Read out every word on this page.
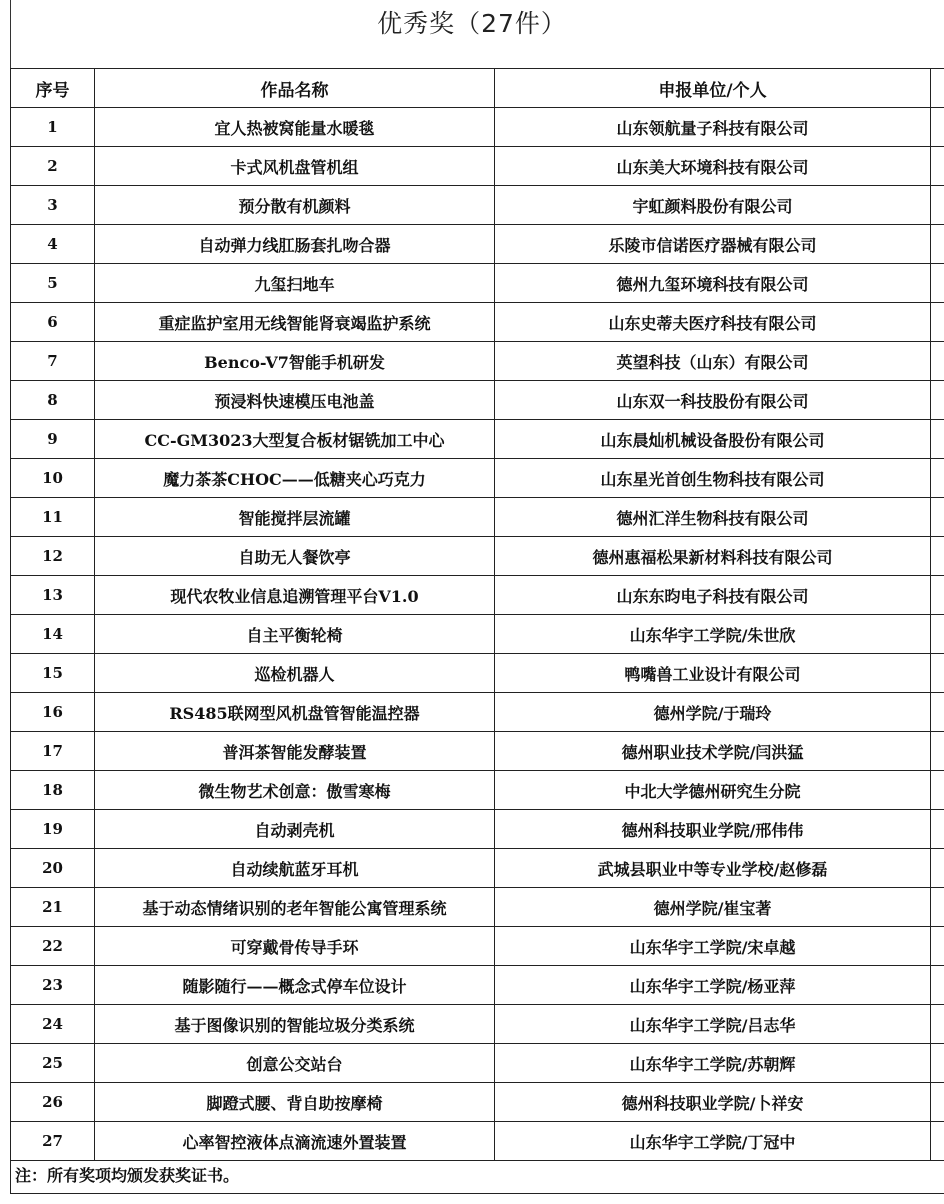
优秀奖（27件）
序号	作品名称	申报单位/个人	
1	宜人热被窝能量水暖毯	山东领航量子科技有限公司	
2	卡式风机盘管机组	山东美大环境科技有限公司	
3	预分散有机颜料	宇虹颜料股份有限公司	
4	自动弹力线肛肠套扎吻合器	乐陵市信诺医疗器械有限公司	
5	九玺扫地车	德州九玺环境科技有限公司	
6	重症监护室用无线智能肾衰竭监护系统	山东史蒂夫医疗科技有限公司	
7	Benco-V7智能手机研发	英望科技（山东）有限公司	
8	预浸料快速模压电池盖	山东双一科技股份有限公司	
9	CC-GM3023大型复合板材锯铣加工中心	山东晨灿机械设备股份有限公司	
10	魔力茶茶CHOC——低糖夹心巧克力	山东星光首创生物科技有限公司	
11	智能搅拌层流罐	德州汇洋生物科技有限公司	
12	自助无人餐饮亭	德州惠福松果新材料科技有限公司	
13	现代农牧业信息追溯管理平台V1.0	山东东昀电子科技有限公司	
14	自主平衡轮椅	山东华宇工学院/朱世欣	
15	巡检机器人	鸭嘴兽工业设计有限公司	
16	RS485联网型风机盘管智能温控器	德州学院/于瑞玲	
17	普洱茶智能发酵装置	德州职业技术学院/闫洪猛	
18	微生物艺术创意：傲雪寒梅	中北大学德州研究生分院	
19	自动剥壳机	德州科技职业学院/邢伟伟	
20	自动续航蓝牙耳机	武城县职业中等专业学校/赵修磊	
21	基于动态情绪识别的老年智能公寓管理系统	德州学院/崔宝著	
22	可穿戴骨传导手环	山东华宇工学院/宋卓越	
23	随影随行——概念式停车位设计	山东华宇工学院/杨亚萍	
24	基于图像识别的智能垃圾分类系统	山东华宇工学院/吕志华	
25	创意公交站台	山东华宇工学院/苏朝辉	
26	脚蹬式腰、背自助按摩椅	德州科技职业学院/卜祥安	
27	心率智控液体点滴流速外置装置	山东华宇工学院/丁冠中	
注：所有奖项均颁发获奖证书。
